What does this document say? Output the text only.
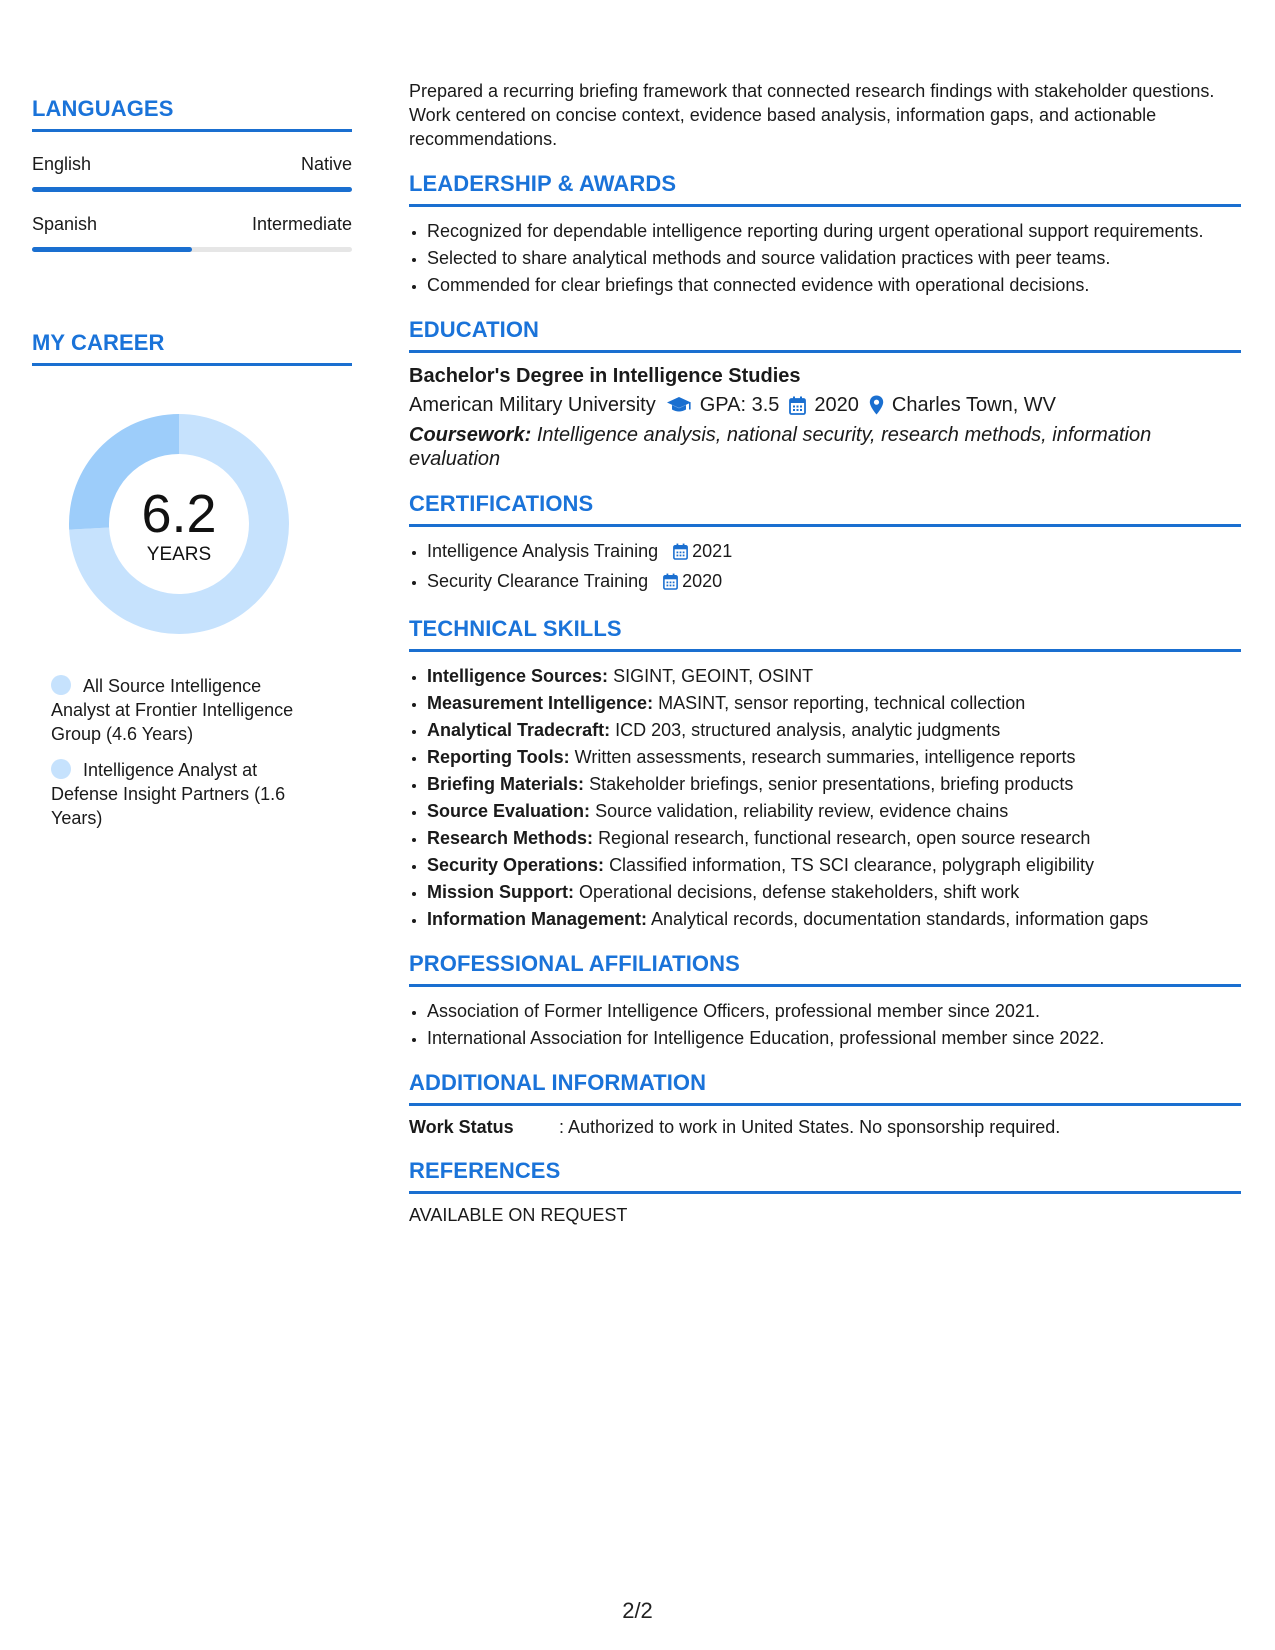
LANGUAGES
English	Native
Spanish	Intermediate
MY CAREER
6.2
YEARS
All Source Intelligence Analyst at Frontier Intelligence Group (4.6 Years)
Intelligence Analyst at Defense Insight Partners (1.6 Years)

Prepared a recurring briefing framework that connected research findings with stakeholder questions. Work centered on concise context, evidence based analysis, information gaps, and actionable recommendations.

LEADERSHIP & AWARDS
• Recognized for dependable intelligence reporting during urgent operational support requirements.
• Selected to share analytical methods and source validation practices with peer teams.
• Commended for clear briefings that connected evidence with operational decisions.
EDUCATION
Bachelor's Degree in Intelligence Studies
American Military University GPA: 3.5 2020 Charles Town, WV
Coursework: Intelligence analysis, national security, research methods, information evaluation
CERTIFICATIONS
• Intelligence Analysis Training 2021
• Security Clearance Training 2020
TECHNICAL SKILLS
• Intelligence Sources: SIGINT, GEOINT, OSINT
• Measurement Intelligence: MASINT, sensor reporting, technical collection
• Analytical Tradecraft: ICD 203, structured analysis, analytic judgments
• Reporting Tools: Written assessments, research summaries, intelligence reports
• Briefing Materials: Stakeholder briefings, senior presentations, briefing products
• Source Evaluation: Source validation, reliability review, evidence chains
• Research Methods: Regional research, functional research, open source research
• Security Operations: Classified information, TS SCI clearance, polygraph eligibility
• Mission Support: Operational decisions, defense stakeholders, shift work
• Information Management: Analytical records, documentation standards, information gaps
PROFESSIONAL AFFILIATIONS
• Association of Former Intelligence Officers, professional member since 2021.
• International Association for Intelligence Education, professional member since 2022.
ADDITIONAL INFORMATION
Work Status	: Authorized to work in United States. No sponsorship required.
REFERENCES
AVAILABLE ON REQUEST
2/2
